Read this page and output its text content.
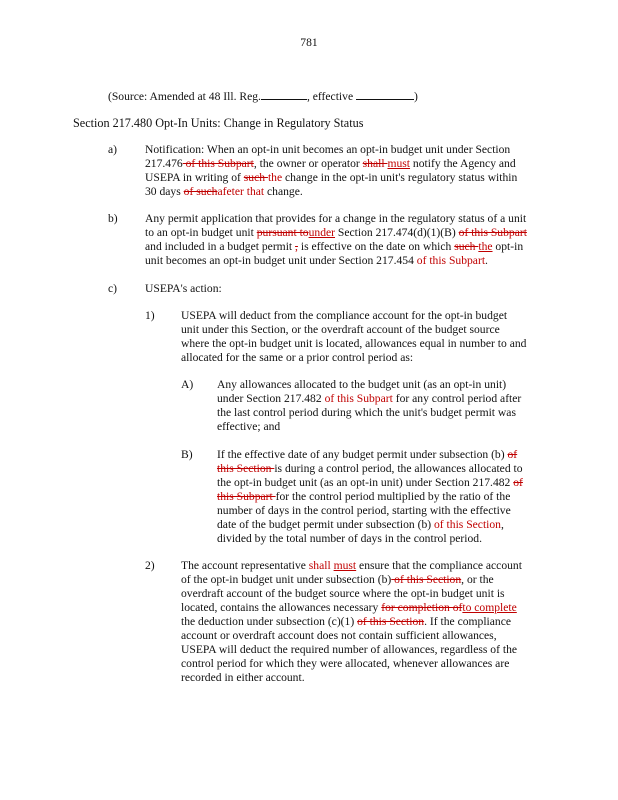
781
(Source: Amended at 48 Ill. Reg.	, effective	)
Section 217.480 Opt-In Units: Change in Regulatory Status
a) Notification: When an opt-in unit becomes an opt-in budget unit under Section
217.476 of this Subpart, the owner or operator shall must notify the Agency and
USEPA in writing of such the change in the opt-in unit's regulatory status within
30 days of suchafeter that change.
b) Any permit application that provides for a change in the regulatory status of a unit
to an opt-in budget unit pursuant tounder Section 217.474(d)(1)(B) of this Subpart
and included in a budget permit , is effective on the date on which such the opt-in
unit becomes an opt-in budget unit under Section 217.454 of this Subpart.
c) USEPA's action:
1) USEPA will deduct from the compliance account for the opt-in budget
unit under this Section, or the overdraft account of the budget source
where the opt-in budget unit is located, allowances equal in number to and
allocated for the same or a prior control period as:
A) Any allowances allocated to the budget unit (as an opt-in unit)
under Section 217.482 of this Subpart for any control period after
the last control period during which the unit's budget permit was
effective; and
B) If the effective date of any budget permit under subsection (b) of
this Section is during a control period, the allowances allocated to
the opt-in budget unit (as an opt-in unit) under Section 217.482 of
this Subpart for the control period multiplied by the ratio of the
number of days in the control period, starting with the effective
date of the budget permit under subsection (b) of this Section,
divided by the total number of days in the control period.
2) The account representative shall must ensure that the compliance account
of the opt-in budget unit under subsection (b) of this Section, or the
overdraft account of the budget source where the opt-in budget unit is
located, contains the allowances necessary for completion ofto complete
the deduction under subsection (c)(1) of this Section. If the compliance
account or overdraft account does not contain sufficient allowances,
USEPA will deduct the required number of allowances, regardless of the
control period for which they were allocated, whenever allowances are
recorded in either account.
